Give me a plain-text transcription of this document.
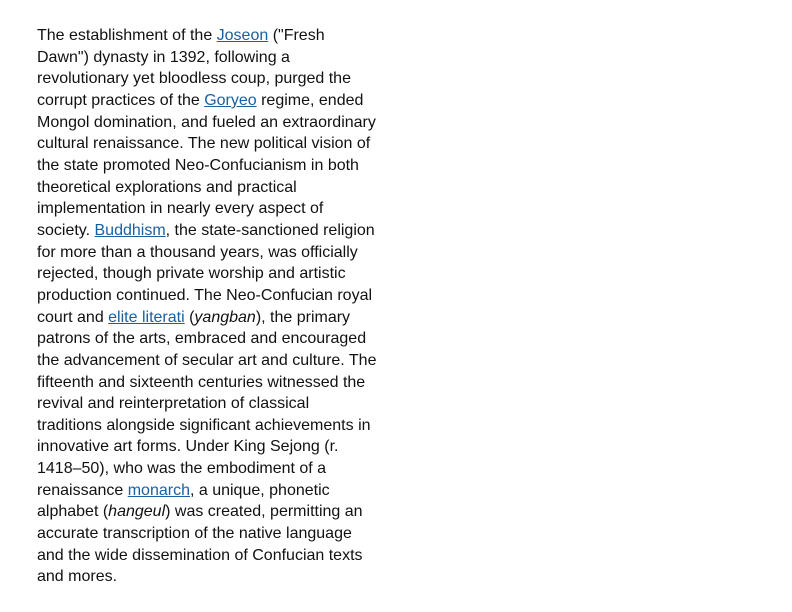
The establishment of the Joseon ("Fresh
Dawn") dynasty in 1392, following a
revolutionary yet bloodless coup, purged the
corrupt practices of the Goryeo regime, ended
Mongol domination, and fueled an extraordinary
cultural renaissance. The new political vision of
the state promoted Neo-Confucianism in both
theoretical explorations and practical
implementation in nearly every aspect of
society. Buddhism, the state-sanctioned religion
for more than a thousand years, was officially
rejected, though private worship and artistic
production continued. The Neo-Confucian royal
court and elite literati (yangban), the primary
patrons of the arts, embraced and encouraged
the advancement of secular art and culture. The
fifteenth and sixteenth centuries witnessed the
revival and reinterpretation of classical
traditions alongside significant achievements in
innovative art forms. Under King Sejong (r.
1418–50), who was the embodiment of a
renaissance monarch, a unique, phonetic
alphabet (hangeul) was created, permitting an
accurate transcription of the native language
and the wide dissemination of Confucian texts
and mores.
